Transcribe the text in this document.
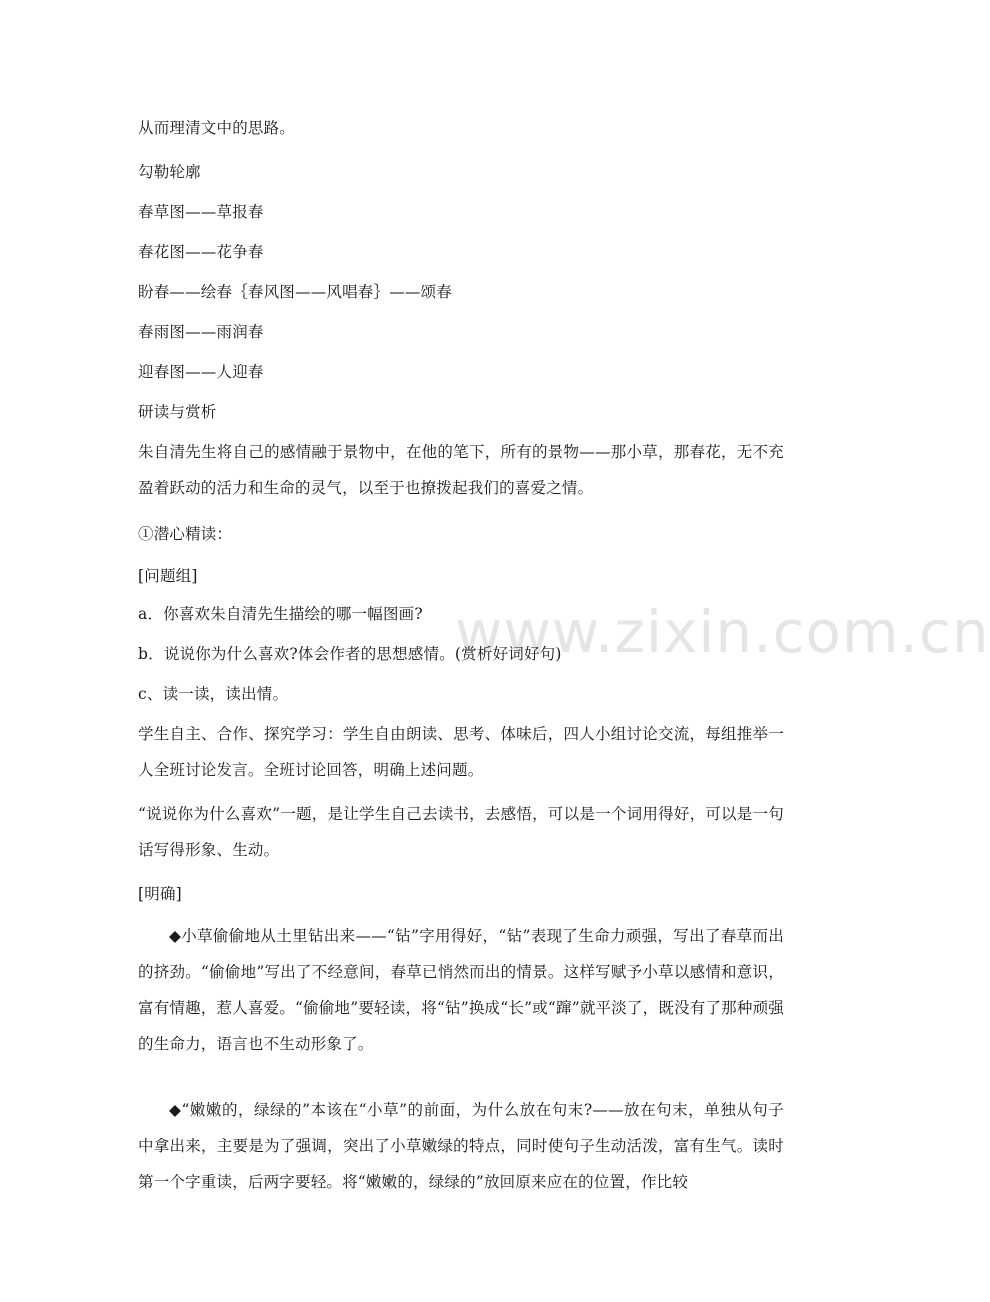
从而理清文中的思路。
勾勒轮廓
春草图——草报春
春花图——花争春
盼春——绘春｛春风图——风唱春｝——颂春
春雨图——雨润春
迎春图——人迎春
研读与赏析
朱自清先生将自己的感情融于景物中，在他的笔下，所有的景物——那小草，那春花，无不充盈着跃动的活力和生命的灵气，以至于也撩拨起我们的喜爱之情。
①潜心精读：
[问题组]
a．你喜欢朱自清先生描绘的哪一幅图画?
b．说说你为什么喜欢?体会作者的思想感情。(赏析好词好句)
c、读一读，读出情。
学生自主、合作、探究学习：学生自由朗读、思考、体味后，四人小组讨论交流，每组推举一人全班讨论发言。全班讨论回答，明确上述问题。
“说说你为什么喜欢”一题，是让学生自己去读书，去感悟，可以是一个词用得好，可以是一句话写得形象、生动。
[明确]
◆小草偷偷地从土里钻出来——“钻”字用得好，“钻”表现了生命力顽强，写出了春草而出的挤劲。“偷偷地”写出了不经意间，春草已悄然而出的情景。这样写赋予小草以感情和意识，富有情趣，惹人喜爱。“偷偷地”要轻读，将“钻”换成“长”或“蹿”就平淡了，既没有了那种顽强的生命力，语言也不生动形象了。
◆“嫩嫩的，绿绿的”本该在“小草”的前面，为什么放在句末?——放在句末，单独从句子中拿出来，主要是为了强调，突出了小草嫩绿的特点，同时使句子生动活泼，富有生气。读时第一个字重读，后两字要轻。将“嫩嫩的，绿绿的”放回原来应在的位置，作比较
www.zixin.com.cn
